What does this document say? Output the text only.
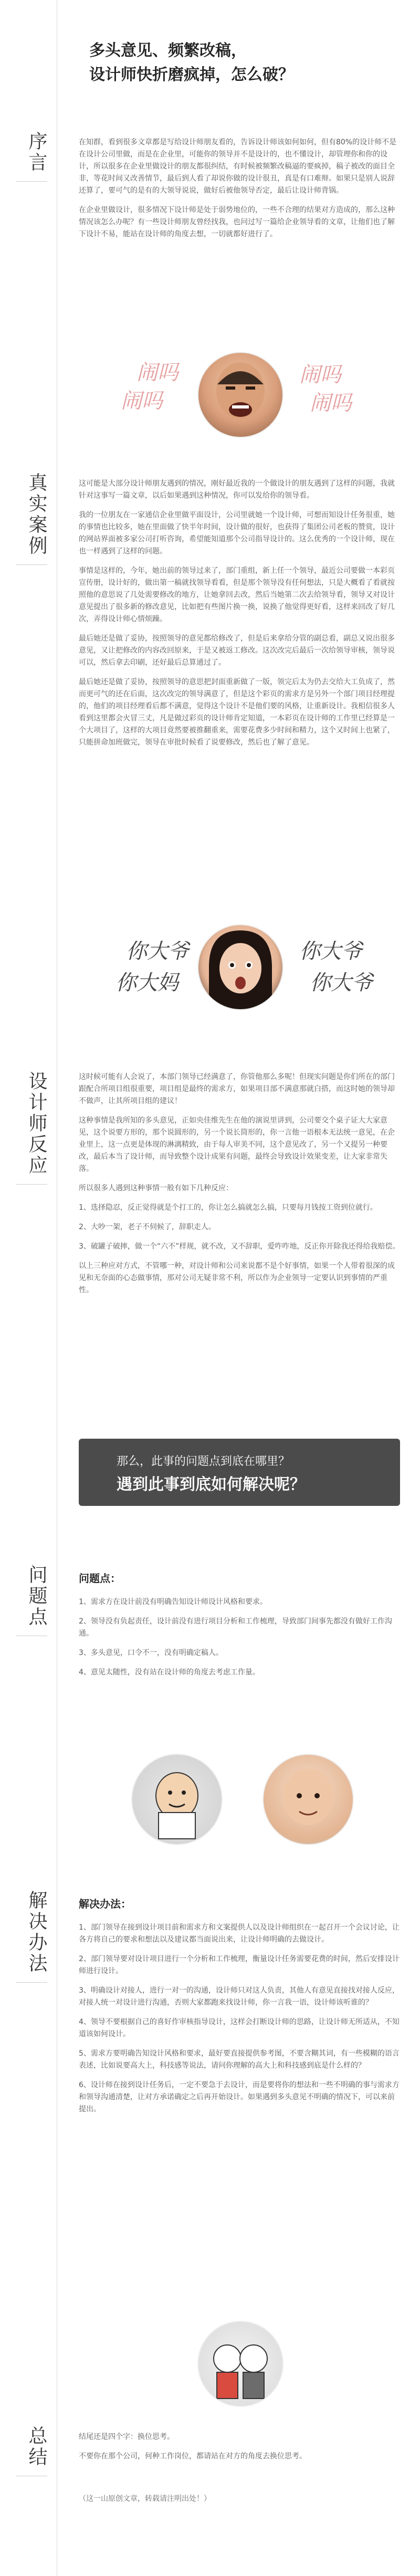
多头意见、频繁改稿，
设计师快折磨疯掉，怎么破？
序言	在知群，看到很多文章都是写给设计师朋友看的，告诉设计师该如何如何，但有80%的设计师不是在设计公司里做，而是在企业里，可能你的领导并不是设计的，也不懂设计，却管理你和你的设计，所以很多在企业里做设计的朋友都很纠结，有时候被频繁改稿逼的要疯掉，稿子被改的面目全非，等花时间又改善情节，最后到人看了却说你做的设计很丑，真是有口难辩。如果只是别人说辞还算了，要可气的是有的大领导说说，做好后被他领导否定，最后让设计师背锅。

在企业里做设计，很多情况下设计师是处于弱势地位的，一些不合理的结果对方造成的，那么这种情况该怎么办呢？有一些设计师朋友曾经找我，也问过写一篇给企业领导看的文章，让他们也了解下设计不易，能站在设计师的角度去想，一切就都好进行了。

闹吗
闹吗
闹吗
闹吗
真实案例	这可能是大部分设计师朋友遇到的情况，刚好最近我的一个做设计的朋友遇到了这样的问题，我就针对这事写一篇文章，以后如果遇到这种情况，你可以发给你的领导看。

我的一位朋友在一家通信企业里做平面设计，公司里就她一个设计师，可想而知设计任务很重，她的事情也比较多，她在里面做了快半年时间，设计做的很好，也获得了集团公司老板的赞赏，设计的网站界面被多家公司打听咨询，希望能知道那个公司指导设计的。这么优秀的一个设计师，现在也一样遇到了这样的问题。

事情是这样的，今年，她出前的领导过来了，部门重组，新上任一个领导，最近公司要做一本彩页宣传册，设计好的，做出第一稿就找领导看看，但是那个领导没有任何想法，只是大概看了看就按照他的意思说了几处需要修改的地方，让她拿回去改，然后当她第二次去给领导看，领导又对设计意见提出了很多新的修改意见，比如把有些图片换一换，说换了他觉得更好看，这样来回改了好几次，弄得设计师心情烦躁。

最后她还是做了妥协，按照领导的意见都给修改了，但是后来拿给分管的副总看，副总又说出很多意见，又让把修改的内容改回原来，于是又被返工修改。这次改完后最后一次给领导审核，领导说可以，然后拿去印刷，还好最后总算通过了。

最后她还是做了妥协，按照领导的意思把封面重新做了一版，领完后太为仍去交给大工负成了，然而更可气的还在后面，这次改完的领导满意了，但是这个彩页的需求方是另外一个部门项目经理提的，他们的项目经理看后都不满意，觉得这个设计不是他们要的风格，让重新设计。我相信很多人看到这里都会火冒三丈，凡是做过彩页的设计师肯定知道，一本彩页在设计师的工作里已经算是一个大项目了，这样的大项目竟然要被推翻重来，需要花费多少时间和精力，这个又时间上也紧了，只能拼命加班做完，领导在审批时候看了说要修改，然后也了解了意见。

你大爷
你大妈
你大爷
你大爷
设计师反应	这时候可能有人会说了，本部门领导已经满意了，你管他那么多呢！但现实问题是你们所在的部门跟配合所项目组很重要，项目组是最终的需求方，如果项目部不满意那就白搭，而这时她的领导却不做声，让其所项目组的建议！

这种事情是我所知的多头意见，正如央佳维先生在他的演说里讲到，公司要交个桌子证大大家意见，这个说要方形的，那个说圆形的，另一个说长筒形的，你一言他一语根本无法统一意见，在企业里上，这一点更是体现的淋漓精致，由于每人审美不同，这个意见改了，另一个又提另一种要改，最后本当了设计师，而导致整个设计成果有问题，最终会导致设计效果变差，让大家非常失落。

所以很多人遇到这种事情一般有如下几种反应：

1、选择隐忍，反正觉得就是个打工的，你让怎么搞就怎么搞，只要每月钱按工资到位就行。

2、大吵一架，老子不伺候了，辞职走人。

3、破罐子破摔，做一个“六不”样规，就不改，又不辞职，爱咋咋地，反正你开除我还得给我赔偿。

以上三种应对方式，不管哪一种，对设计师和公司来说都不是个好事情，如果一个人带着很深的成见和无奈面的心态做事情，那对公司无疑非常不利，所以作为企业领导一定要认识到事情的严重性。

那么，此事的问题点到底在哪里？
遇到此事到底如何解决呢？
问题点	问题点：

1、需求方在设计前没有明确告知设计师设计风格和要求。

2、领导没有负起责任，设计前没有进行项目分析和工作梳理，导致部门间事先都没有做好工作沟通。

3、多头意见，口令不一，没有明确定稿人。

4、意见太随性，没有站在设计师的角度去考虑工作量。

解决办法	解决办法：

1、部门领导在接到设计项目前和需求方和文案提供人以及设计师组织在一起召开一个会议讨论，让各方将自己的要求和想法以及建议都当面说出来，让设计师明确的去做设计。

2、部门领导要对设计项目进行一个分析和工作梳理，衡量设计任务需要花费的时间，然后安排设计师进行设计。

3、明确设计对接人，进行一对一的沟通，设计师只对这人负责，其他人有意见直接找对接人反应，对接人统一对设计进行沟通，否则大家都跑来找设计师，你一言我一语，设计师该听谁的？

4、领导不要根据自己的喜好作审核指导设计，这样会打断设计师的思路，让设计师无所适从，不知道该如何设计。

5、需求方要明确告知设计风格和要求，最好要直接提供参考图，不要含糊其词，有一些模糊的语言表述，比如说要高大上，科技感等说法，请问你理解的高大上和科技感到底是什么样的？

6、设计师在接到设计任务后，一定不要急于去设计，而是要将你的想法和一些不明确的事与需求方和领导沟通清楚，让对方承诺确定之后再开始设计。如果遇到多头意见不明确的情况下，可以来前提出。

总结	结尾还是四个字：换位思考。

不要你在那个公司，何种工作岗位，都请站在对方的角度去换位思考。

（这一山原创文章，转载请注明出处！）
